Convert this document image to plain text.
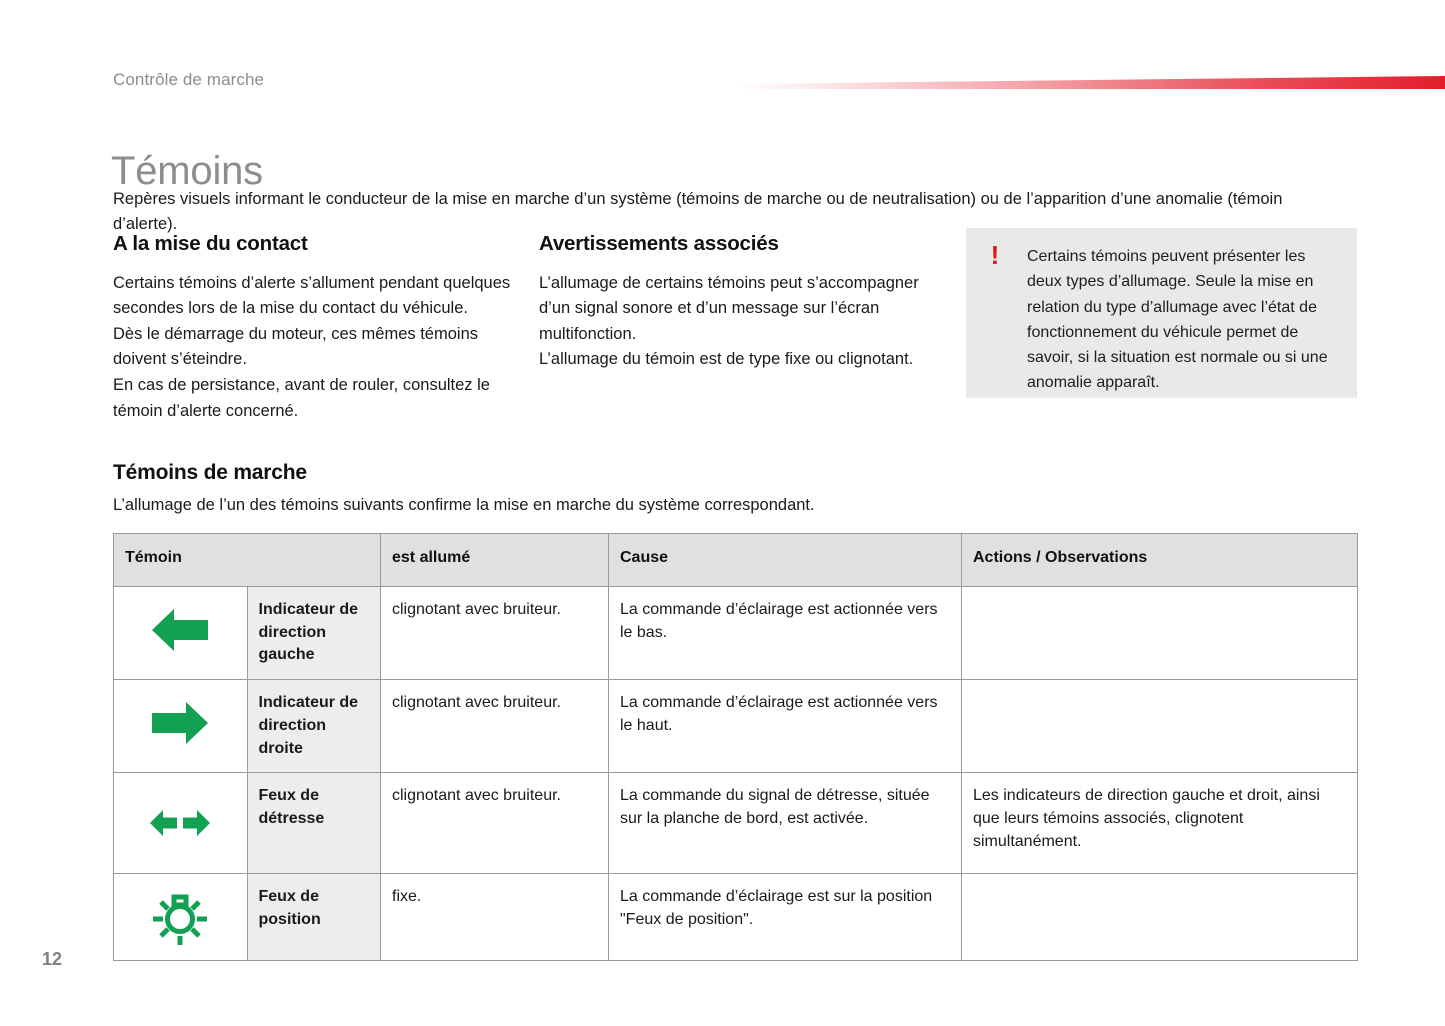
Contrôle de marche
Témoins

Repères visuels informant le conducteur de la mise en marche d’un système (témoins de marche ou de neutralisation) ou de l’apparition d’une anomalie (témoin d’alerte).

A la mise du contact

Certains témoins d’alerte s’allument pendant quelques secondes lors de la mise du contact du véhicule.
Dès le démarrage du moteur, ces mêmes témoins doivent s’éteindre.
En cas de persistance, avant de rouler, consultez le témoin d’alerte concerné.

Avertissements associés

L’allumage de certains témoins peut s’accompagner d’un signal sonore et d’un message sur l’écran multifonction.
L’allumage du témoin est de type fixe ou clignotant.

!	Certains témoins peuvent présenter les deux types d’allumage. Seule la mise en relation du type d’allumage avec l’état de fonctionnement du véhicule permet de savoir, si la situation est normale ou si une anomalie apparaît.
Témoins de marche

L’allumage de l’un des témoins suivants confirme la mise en marche du système correspondant.

Témoin		est allumé	Cause	Actions / Observations

	Indicateur de direction gauche	clignotant avec bruiteur.	La commande d’éclairage est actionnée vers le bas.	

	Indicateur de direction droite	clignotant avec bruiteur.	La commande d’éclairage est actionnée vers le haut.	

	Feux de détresse	clignotant avec bruiteur.	La commande du signal de détresse, située sur la planche de bord, est activée.	Les indicateurs de direction gauche et droit, ainsi que leurs témoins associés, clignotent simultanément.

	Feux de position	fixe.	La commande d’éclairage est sur la position "Feux de position".	
12
